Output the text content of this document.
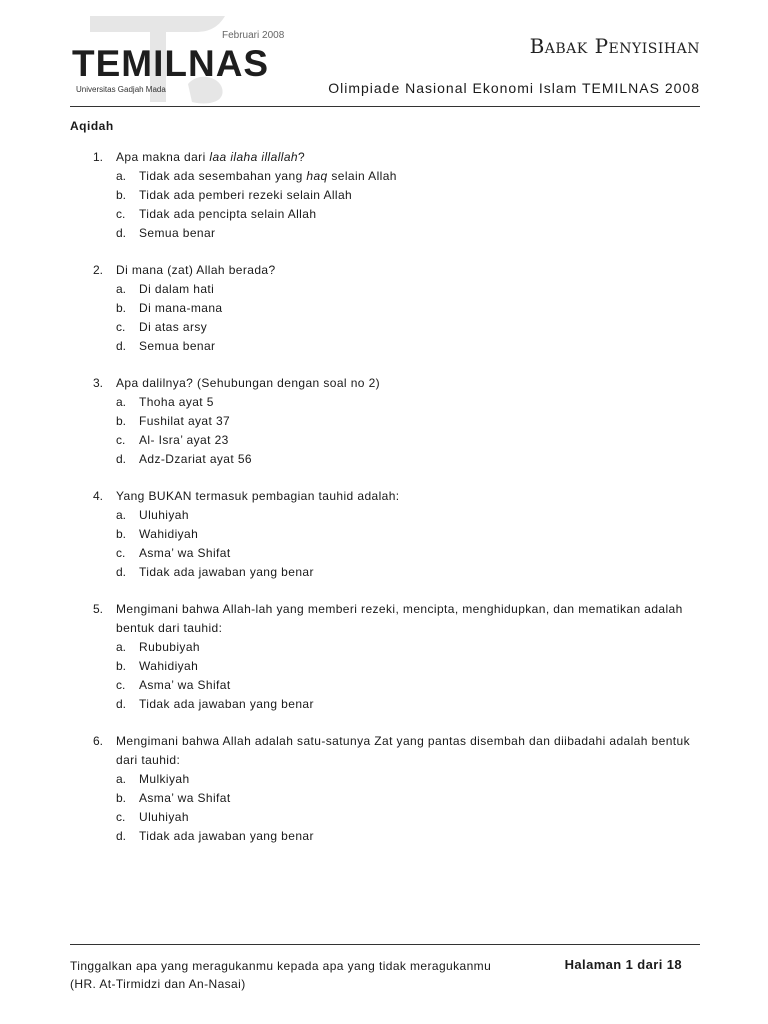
Februari 2008
TEMILNAS
Universitas Gadjah Mada
Babak Penyisihan
Olimpiade Nasional Ekonomi Islam TEMILNAS 2008
Aqidah
1.	Apa makna dari laa ilaha illallah?
a. Tidak ada sesembahan yang haq selain Allah
b. Tidak ada pemberi rezeki selain Allah
c. Tidak ada pencipta selain Allah
d. Semua benar
2.	Di mana (zat) Allah berada?
a. Di dalam hati
b. Di mana-mana
c. Di atas arsy
d. Semua benar
3.	Apa dalilnya? (Sehubungan dengan soal no 2)
a. Thoha ayat 5
b. Fushilat ayat 37
c. Al- Isra’ ayat 23
d. Adz-Dzariat ayat 56
4.	Yang BUKAN termasuk pembagian tauhid adalah:
a. Uluhiyah
b. Wahidiyah
c. Asma’ wa Shifat
d. Tidak ada jawaban yang benar
5.	Mengimani bahwa Allah-lah yang memberi rezeki, mencipta, menghidupkan, dan mematikan adalah bentuk dari tauhid:
a. Rububiyah
b. Wahidiyah
c. Asma’ wa Shifat
d. Tidak ada jawaban yang benar
6.	Mengimani bahwa Allah adalah satu-satunya Zat yang pantas disembah dan diibadahi adalah bentuk dari tauhid:
a. Mulkiyah
b. Asma’ wa Shifat
c. Uluhiyah
d. Tidak ada jawaban yang benar
Tinggalkan apa yang meragukanmu kepada apa yang tidak meragukanmu
(HR. At-Tirmidzi dan An-Nasai)
Halaman 1 dari 18
